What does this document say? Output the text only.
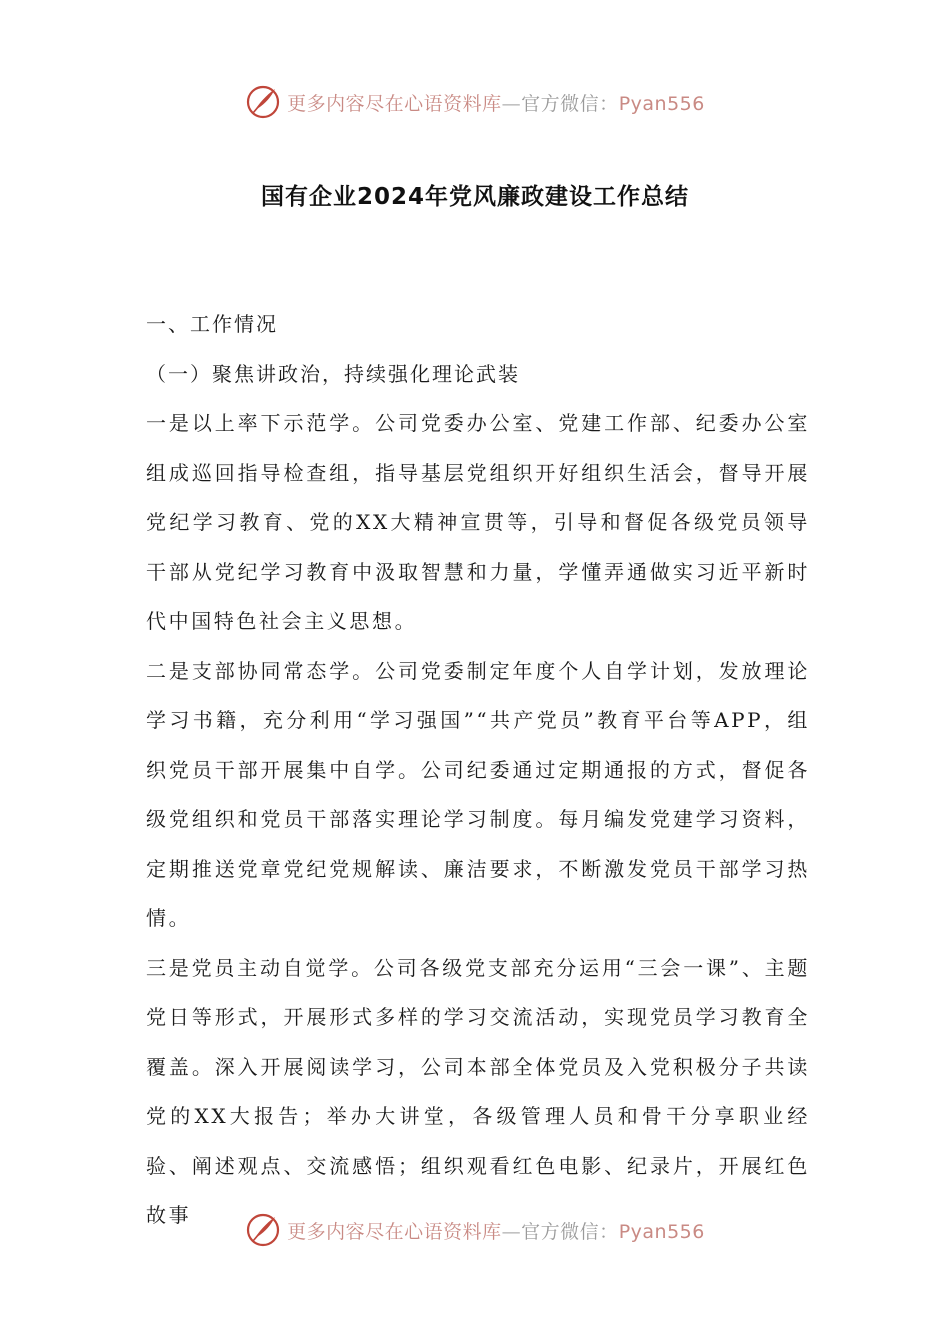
更多内容尽在心语资料库—官方微信：Pyan556
国有企业2024年党风廉政建设工作总结

一、工作情况

（一）聚焦讲政治，持续强化理论武装

一是以上率下示范学。公司党委办公室、党建工作部、纪委办公室组成巡回指导检查组，指导基层党组织开好组织生活会，督导开展党纪学习教育、党的XX大精神宣贯等，引导和督促各级党员领导干部从党纪学习教育中汲取智慧和力量，学懂弄通做实习近平新时代中国特色社会主义思想。

二是支部协同常态学。公司党委制定年度个人自学计划，发放理论学习书籍，充分利用“学习强国”“共产党员”教育平台等APP，组织党员干部开展集中自学。公司纪委通过定期通报的方式，督促各级党组织和党员干部落实理论学习制度。每月编发党建学习资料，定期推送党章党纪党规解读、廉洁要求，不断激发党员干部学习热情。

三是党员主动自觉学。公司各级党支部充分运用“三会一课”、主题党日等形式，开展形式多样的学习交流活动，实现党员学习教育全覆盖。深入开展阅读学习，公司本部全体党员及入党积极分子共读党的XX大报告；举办大讲堂，各级管理人员和骨干分享职业经验、阐述观点、交流感悟；组织观看红色电影、纪录片，开展红色故事

更多内容尽在心语资料库—官方微信：Pyan556
